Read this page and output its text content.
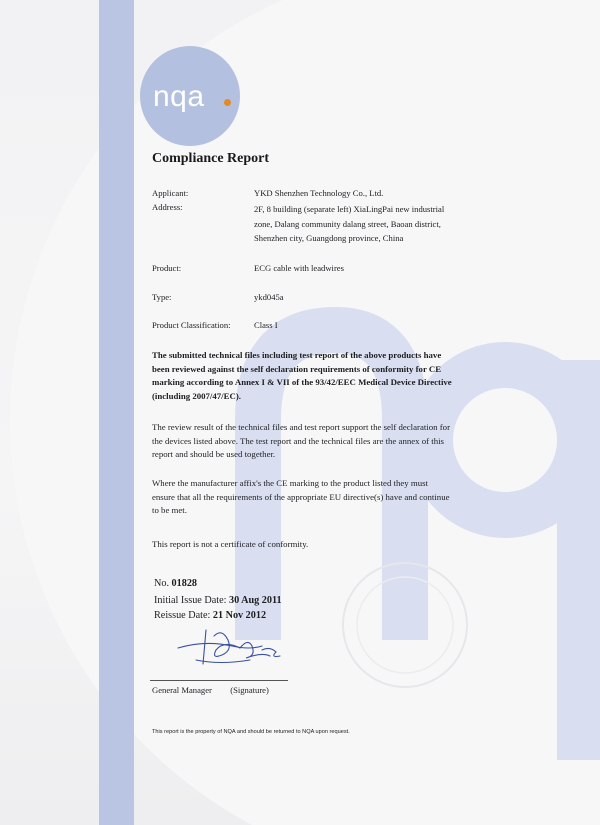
nqa
Compliance Report
Applicant:	YKD Shenzhen Technology Co., Ltd.
Address:	2F, 8 building (separate left) XiaLingPai new industrial
zone, Dalang community dalang street, Baoan district,
Shenzhen city, Guangdong province, China
Product:	ECG cable with leadwires
Type:	ykd045a
Product Classification:	Class I
The submitted technical files including test report of the above products have
been reviewed against the self declaration requirements of conformity for CE
marking according to Annex I & VII of the 93/42/EEC Medical Device Directive
(including 2007/47/EC).
The review result of the technical files and test report support the self declaration for
the devices listed above. The test report and the technical files are the annex of this
report and should be used together.
Where the manufacturer affix's the CE marking to the product listed they must
ensure that all the requirements of the appropriate EU directive(s) have and continue
to be met.
This report is not a certificate of conformity.
No. 01828
Initial Issue Date: 30 Aug 2011
Reissue Date: 21 Nov 2012
General Manager (Signature)
This report is the property of NQA and should be returned to NQA upon request.
